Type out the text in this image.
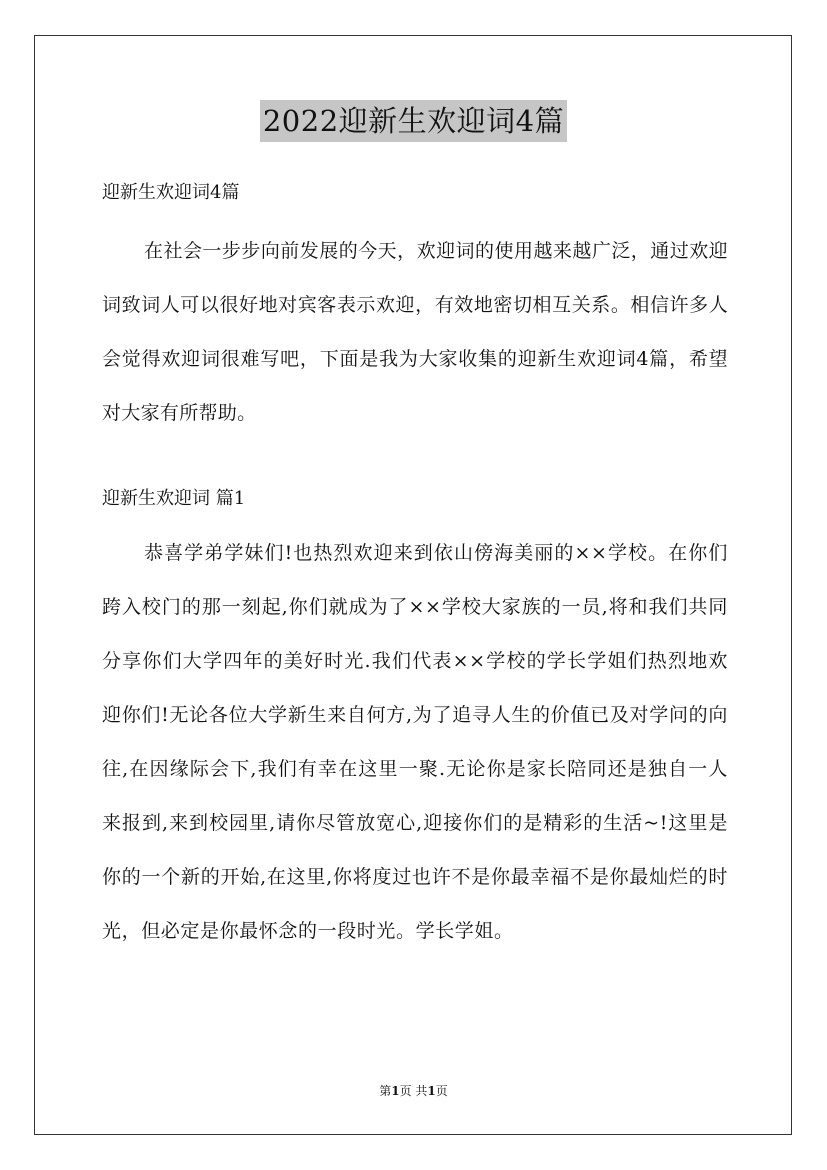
2022迎新生欢迎词4篇

迎新生欢迎词4篇

在社会一步步向前发展的今天，欢迎词的使用越来越广泛，通过欢迎词致词人可以很好地对宾客表示欢迎，有效地密切相互关系。相信许多人会觉得欢迎词很难写吧，下面是我为大家收集的迎新生欢迎词4篇，希望对大家有所帮助。

迎新生欢迎词 篇1

恭喜学弟学妹们!也热烈欢迎来到依山傍海美丽的××学校。在你们跨入校门的那一刻起,你们就成为了××学校大家族的一员,将和我们共同分享你们大学四年的美好时光.我们代表××学校的学长学姐们热烈地欢迎你们!无论各位大学新生来自何方,为了追寻人生的价值已及对学问的向往,在因缘际会下,我们有幸在这里一聚.无论你是家长陪同还是独自一人来报到,来到校园里,请你尽管放宽心,迎接你们的是精彩的生活~!这里是你的一个新的开始,在这里,你将度过也许不是你最幸福不是你最灿烂的时光，但必定是你最怀念的一段时光。学长学姐。

第1页 共1页
